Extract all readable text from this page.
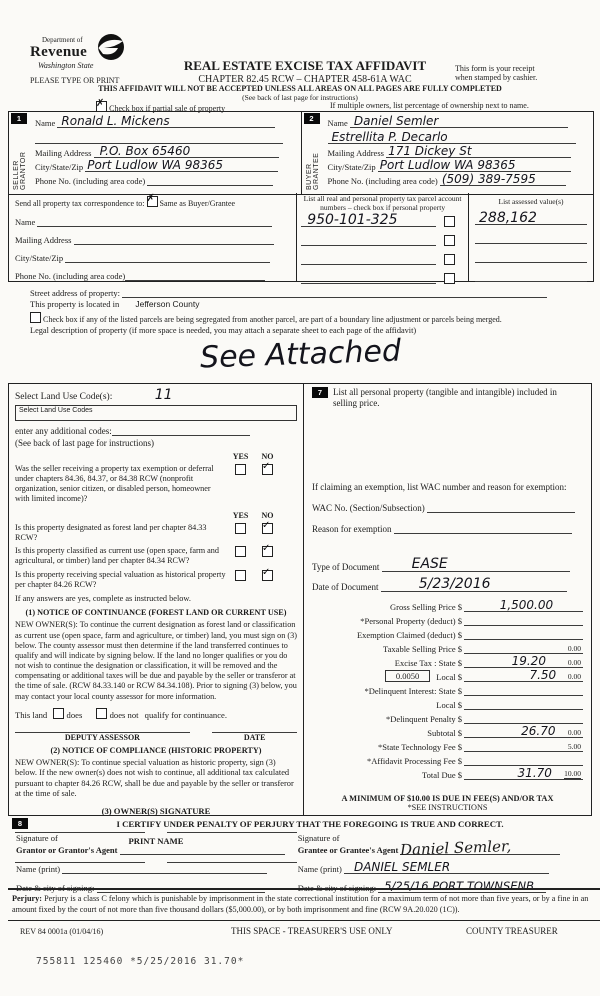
Department of
Revenue
Washington State	REAL ESTATE EXCISE TAX AFFIDAVIT
CHAPTER 82.45 RCW – CHAPTER 458-61A WAC
This form is your receipt
when stamped by cashier.
PLEASE TYPE OR PRINT
THIS AFFIDAVIT WILL NOT BE ACCEPTED UNLESS ALL AREAS ON ALL PAGES ARE FULLY COMPLETED
(See back of last page for instructions)
✗ Check box if partial sale of property	If multiple owners, list percentage of ownership next to name.
1
SELLER GRANTOR
Name Ronald L. Mickens
Mailing Address P.O. Box 65460
City/State/Zip Port Ludlow WA 98365
Phone No. (including area code)
2
BUYER GRANTEE
Name Daniel Semler
Estrellita P. Decarlo
Mailing Address 171 Dickey St
City/State/Zip Port Ludlow WA 98365
Phone No. (including area code) (509) 389-7595
Send all property tax correspondence to: ✗ Same as Buyer/Grantee
Name
Mailing Address
City/State/Zip
Phone No. (including area code)
List all real and personal property tax parcel account numbers – check box if personal property
950-101-325
List assessed value(s)
288,162
Street address of property:
This property is located in Jefferson County
Check box if any of the listed parcels are being segregated from another parcel, are part of a boundary line adjustment or parcels being merged.
Legal description of property (if more space is needed, you may attach a separate sheet to each page of the affidavit)
See Attached
Select Land Use Code(s):	11
Select Land Use Codes
enter any additional codes:
(See back of last page for instructions)
YES	NO
Was the seller receiving a property tax exemption or deferral under chapters 84.36, 84.37, or 84.38 RCW (nonprofit organization, senior citizen, or disabled person, homeowner with limited income)?
✓
YES	NO
Is this property designated as forest land per chapter 84.33 RCW?
✓
Is this property classified as current use (open space, farm and agricultural, or timber) land per chapter 84.34 RCW?
✓
Is this property receiving special valuation as historical property per chapter 84.26 RCW?
✓
If any answers are yes, complete as instructed below.
(1) NOTICE OF CONTINUANCE (FOREST LAND OR CURRENT USE)
NEW OWNER(S): To continue the current designation as forest land or classification as current use (open space, farm and agriculture, or timber) land, you must sign on (3) below. The county assessor must then determine if the land transferred continues to qualify and will indicate by signing below. If the land no longer qualifies or you do not wish to continue the designation or classification, it will be removed and the compensating or additional taxes will be due and payable by the seller or transferor at the time of sale. (RCW 84.33.140 or RCW 84.34.108). Prior to signing (3) below, you may contact your local county assessor for more information.
This land does	does not qualify for continuance.
DEPUTY ASSESSOR	DATE
(2) NOTICE OF COMPLIANCE (HISTORIC PROPERTY)
NEW OWNER(S): To continue special valuation as historic property, sign (3) below. If the new owner(s) does not wish to continue, all additional tax calculated pursuant to chapter 84.26 RCW, shall be due and payable by the seller or transferor at the time of sale.
(3) OWNER(S) SIGNATURE
PRINT NAME
7	List all personal property (tangible and intangible) included in selling price.
If claiming an exemption, list WAC number and reason for exemption:
WAC No. (Section/Subsection)
Reason for exemption
Type of Document EASE
Date of Document	5/23/2016
Gross Selling Price $	1,500.00
*Personal Property (deduct) $
Exemption Claimed (deduct) $
Taxable Selling Price $	0.00
Excise Tax : State $	19.20	0.00
0.0050	Local $	7.50 0.00
*Delinquent Interest: State $
Local $
*Delinquent Penalty $
Subtotal $	26.70 0.00
*State Technology Fee $	5.00
*Affidavit Processing Fee $
Total Due $	31.70 10.00
A MINIMUM OF $10.00 IS DUE IN FEE(S) AND/OR TAX
*SEE INSTRUCTIONS
8	I CERTIFY UNDER PENALTY OF PERJURY THAT THE FOREGOING IS TRUE AND CORRECT.
Signature of
Grantor or Grantor's Agent
Name (print)
Date & city of signing:
Signature of
Grantee or Grantee's Agent Daniel Semler,
Name (print) DANIEL SEMLER
Date & city of signing: 5/25/16 PORT TOWNSENB
Perjury: Perjury is a class C felony which is punishable by imprisonment in the state correctional institution for a maximum term of not more than five years, or by a fine in an amount fixed by the court of not more than five thousand dollars ($5,000.00), or by both imprisonment and fine (RCW 9A.20.020 (1C)).
REV 84 0001a (01/04/16)	THIS SPACE - TREASURER'S USE ONLY	COUNTY TREASURER
755811 125460 *5/25/2016 31.70*
